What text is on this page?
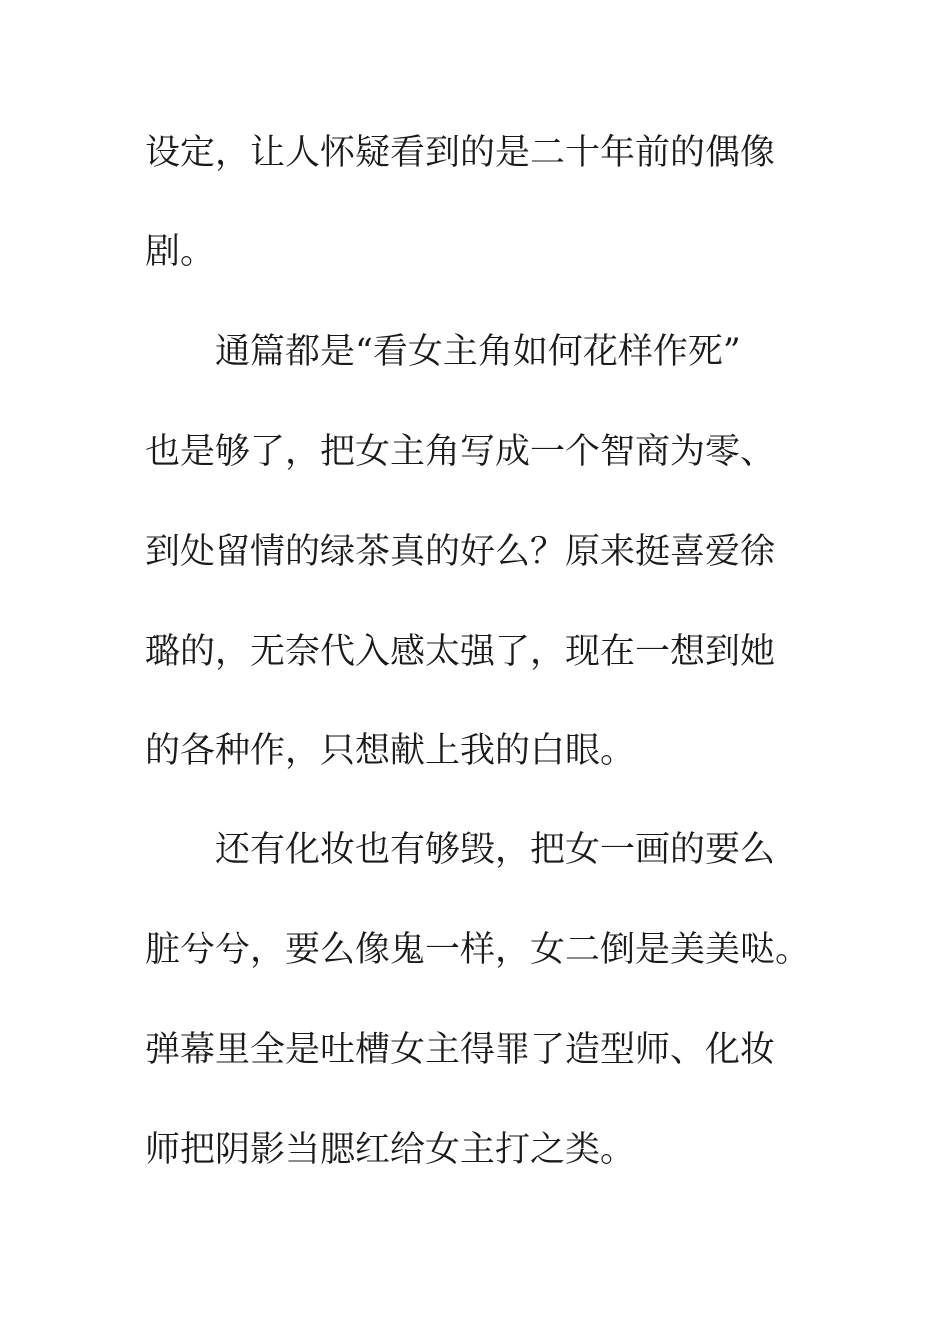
设定，让人怀疑看到的是二十年前的偶像
剧。
通篇都是“看女主角如何花样作死”
也是够了，把女主角写成一个智商为零、
到处留情的绿茶真的好么？原来挺喜爱徐
璐的，无奈代入感太强了，现在一想到她
的各种作，只想献上我的白眼。
还有化妆也有够毁，把女一画的要么
脏兮兮，要么像鬼一样，女二倒是美美哒。
弹幕里全是吐槽女主得罪了造型师、化妆
师把阴影当腮红给女主打之类。
